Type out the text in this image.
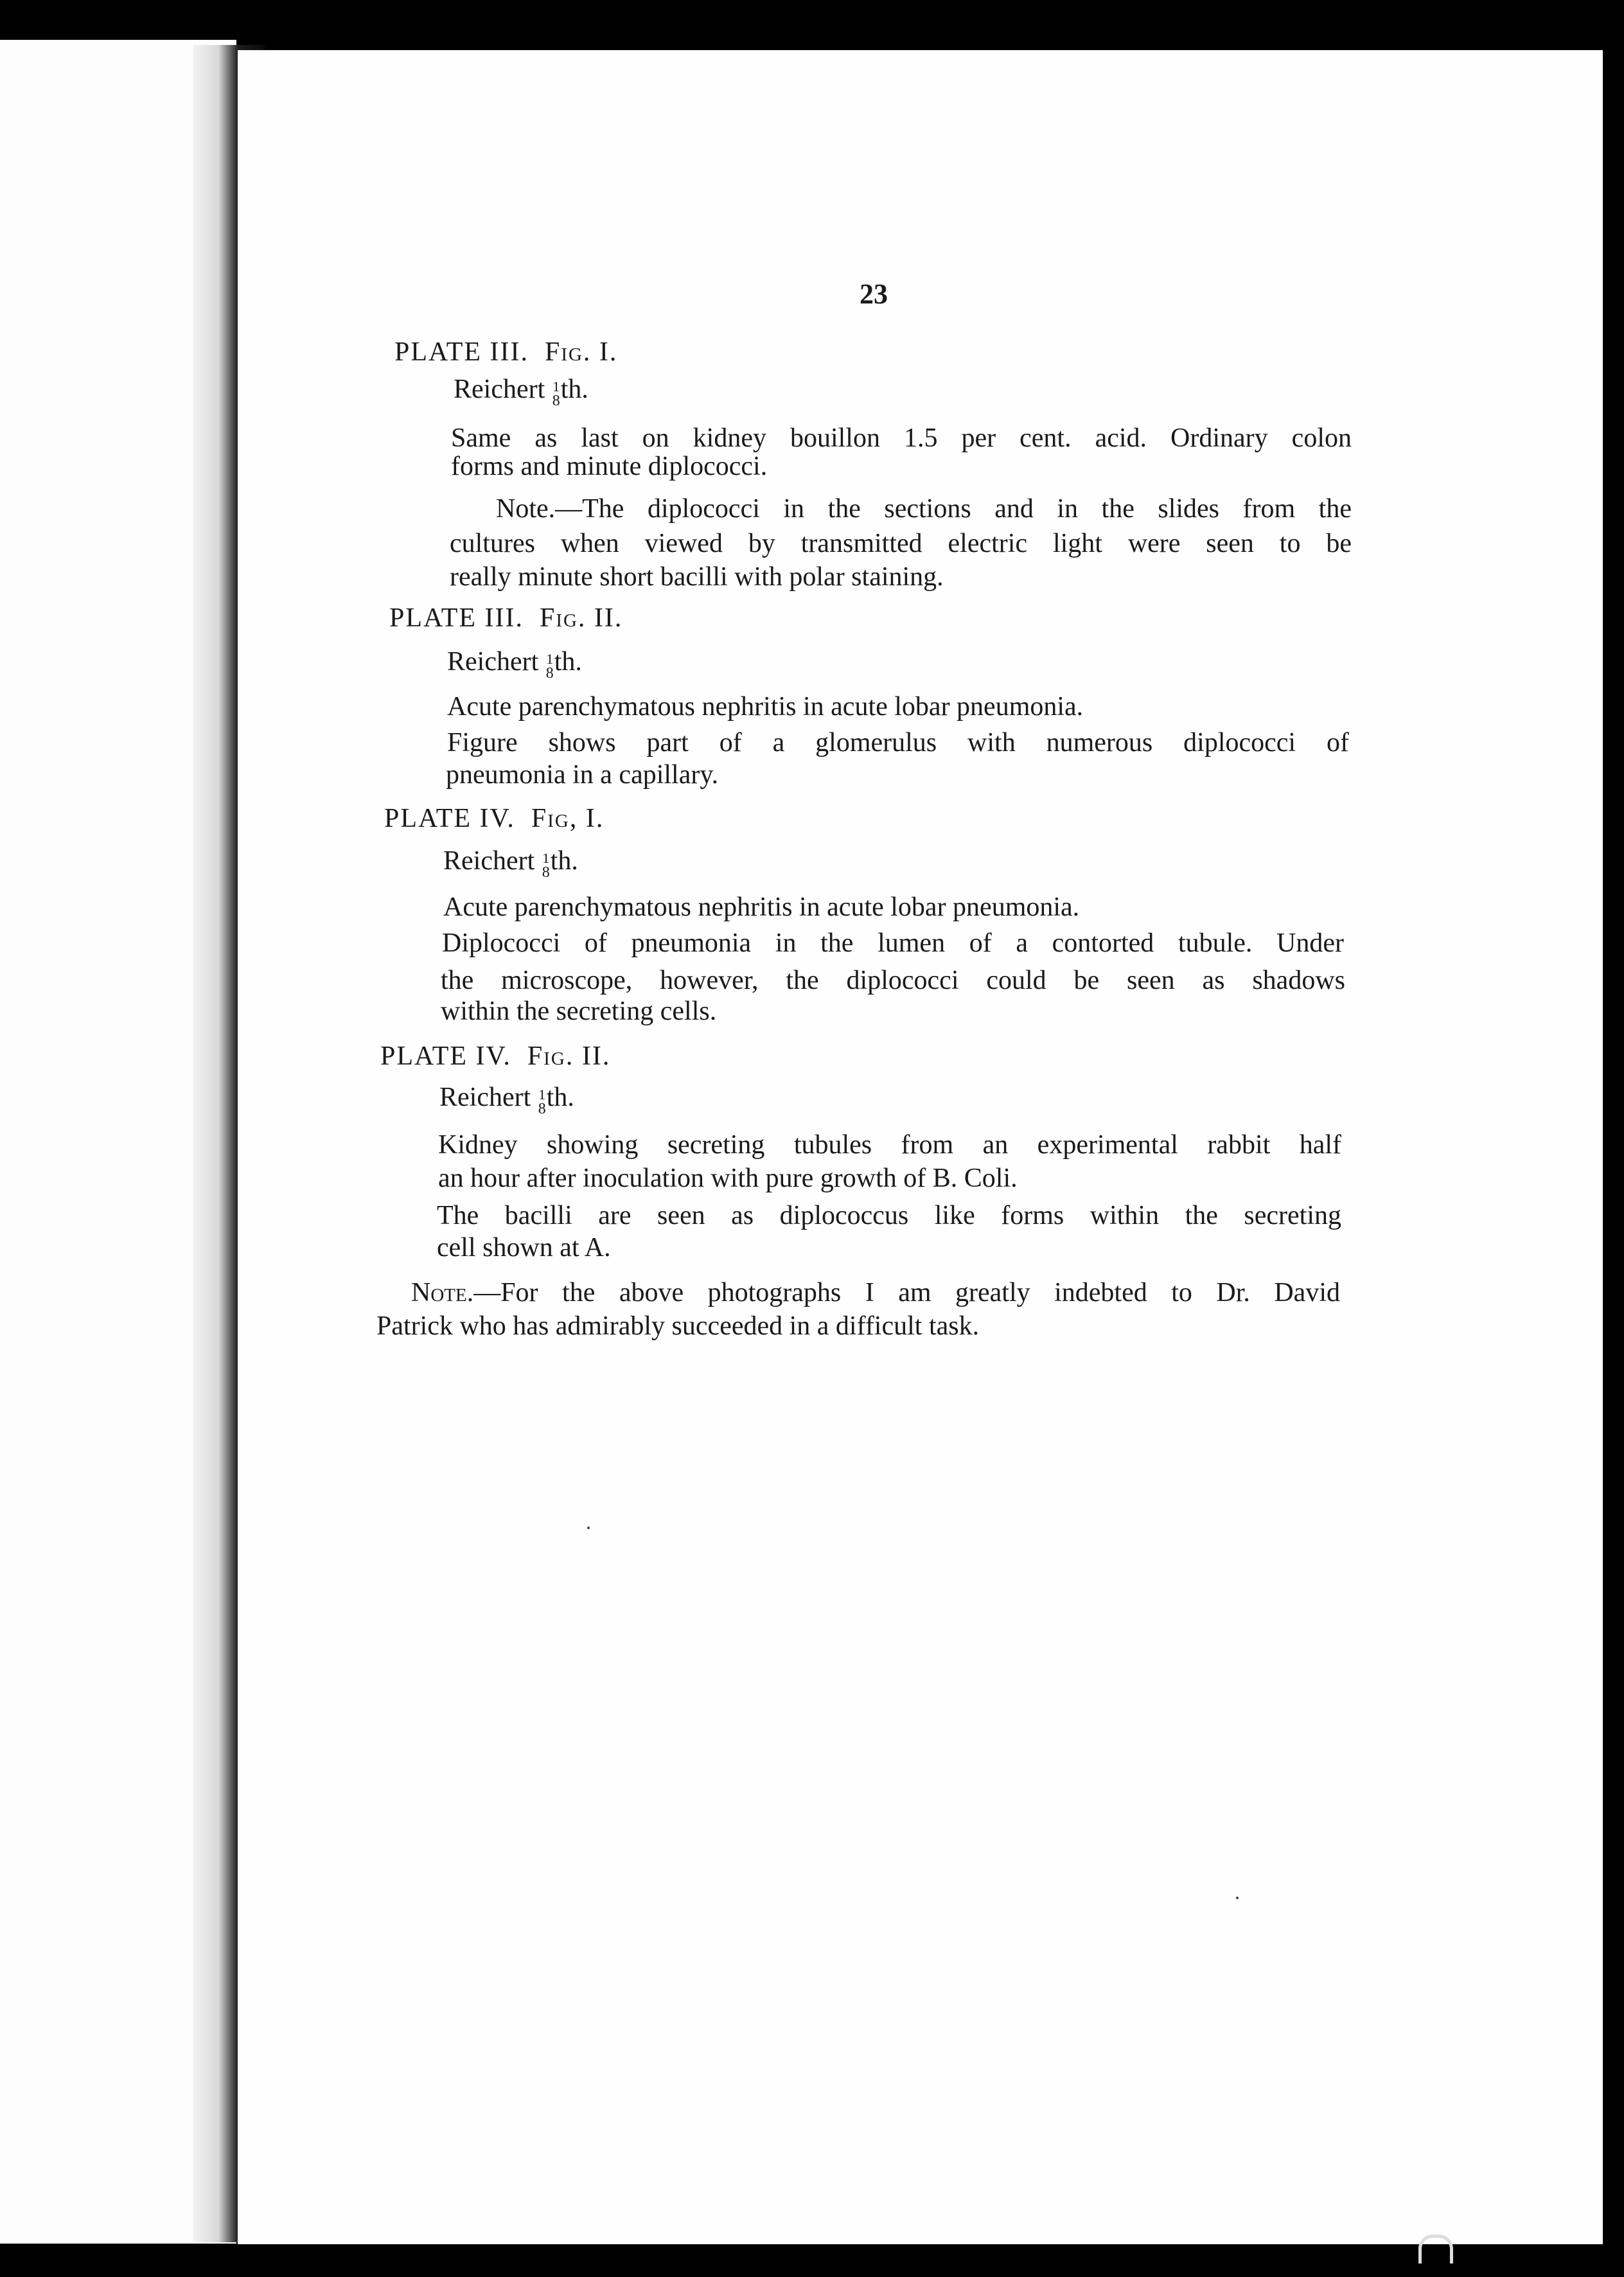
23

PLATE III. Fig. I.

Reichert 1
8 th.

Same as last on kidney bouillon 1.5 per cent. acid. Ordinary colon

forms and minute diplococci.

Note.—The diplococci in the sections and in the slides from the

cultures when viewed by transmitted electric light were seen to be

really minute short bacilli with polar staining.

PLATE III. Fig. II.

Reichert 1
8 th.

Acute parenchymatous nephritis in acute lobar pneumonia.

Figure shows part of a glomerulus with numerous diplococci of

pneumonia in a capillary.

PLATE IV. Fig, I.

Reichert 1
8 th.

Acute parenchymatous nephritis in acute lobar pneumonia.

Diplococci of pneumonia in the lumen of a contorted tubule. Under

the microscope, however, the diplococci could be seen as shadows

within the secreting cells.

PLATE IV. Fig. II.

Reichert 1
8 th.

Kidney showing secreting tubules from an experimental rabbit half

an hour after inoculation with pure growth of B. Coli.

The bacilli are seen as diplococcus like forms within the secreting

cell shown at A.

Note.—For the above photographs I am greatly indebted to Dr. David

Patrick who has admirably succeeded in a difficult task.
